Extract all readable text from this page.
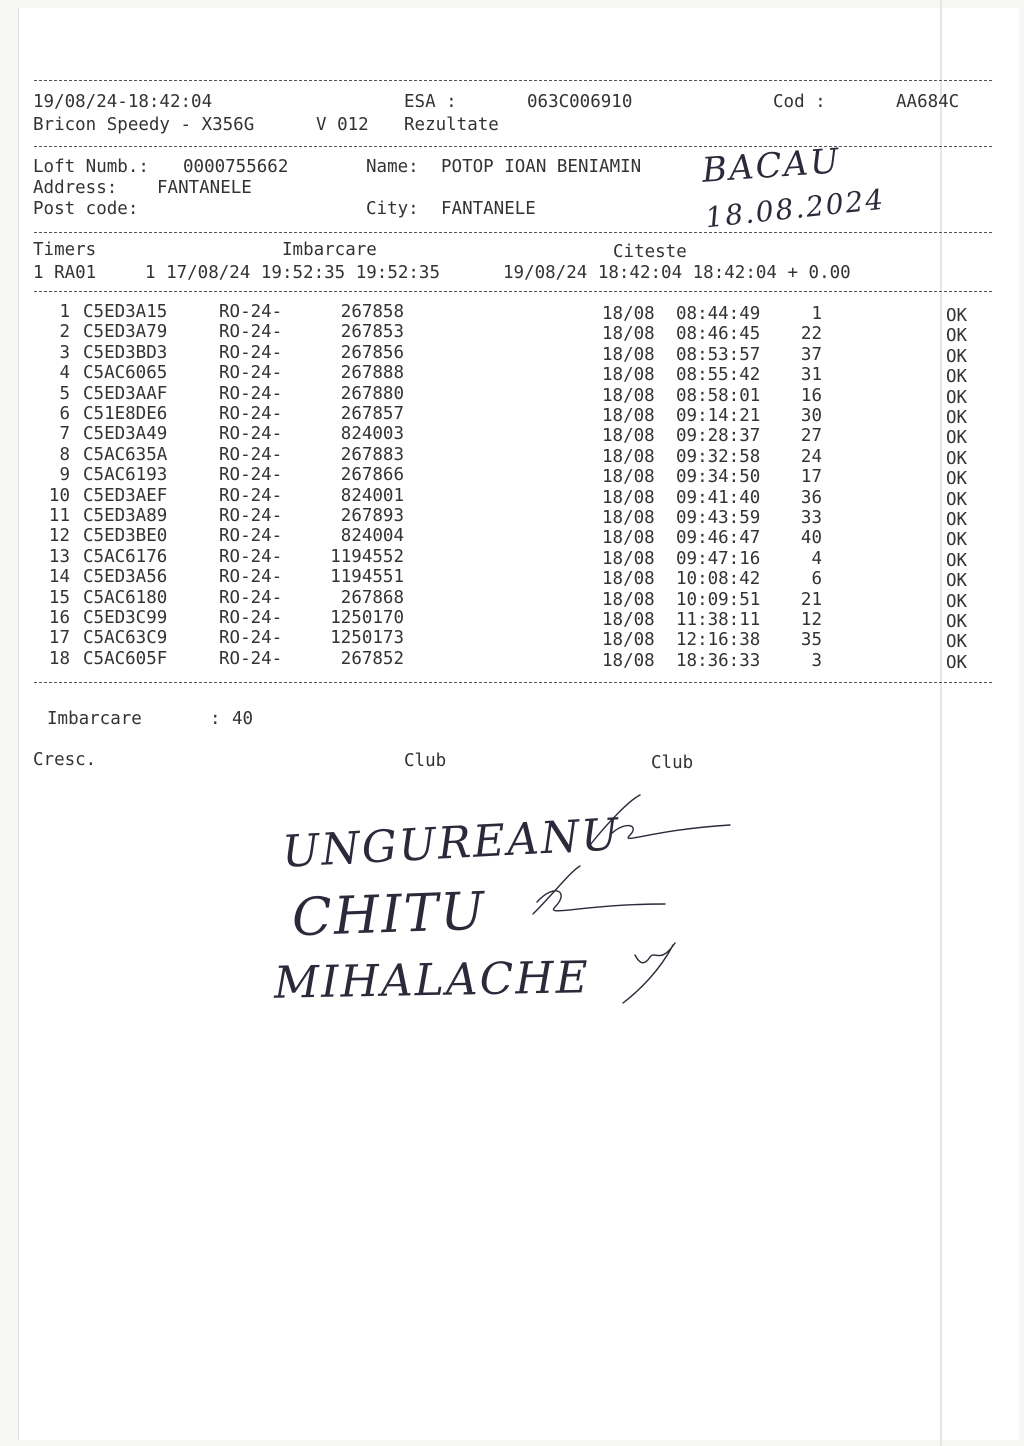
19/08/24-18:42:04	ESA :	063C006910	Cod :	AA684C
Bricon Speedy - X356G	V 012 Rezultate
Loft Numb.: 0000755662	Name: POTOP IOAN BENIAMIN
Address: FANTANELE
Post code:	City: FANTANELE
BACAU
18.08.2024
Timers	Imbarcare	Citeste
1 RA01	1 17/08/24 19:52:35 19:52:35	19/08/24 18:42:04 18:42:04 + 0.00
1 C5ED3A15	RO-24-	267858	18/08 08:44:49	1	OK
2 C5ED3A79	RO-24-	267853	18/08 08:46:45 22	OK
3 C5ED3BD3	RO-24-	267856	18/08 08:53:57 37	OK
4 C5AC6065	RO-24-	267888	18/08 08:55:42 31	OK
5 C5ED3AAF	RO-24-	267880	18/08 08:58:01 16	OK
6 C51E8DE6	RO-24-	267857	18/08 09:14:21 30	OK
7 C5ED3A49	RO-24-	824003	18/08 09:28:37 27	OK
8 C5AC635A	RO-24-	267883	18/08 09:32:58 24	OK
9 C5AC6193	RO-24-	267866	18/08 09:34:50 17	OK
10 C5ED3AEF	RO-24-	824001	18/08 09:41:40 36	OK
11 C5ED3A89	RO-24-	267893	18/08 09:43:59 33	OK
12 C5ED3BE0	RO-24-	824004	18/08 09:46:47 40	OK
13 C5AC6176	RO-24-	1194552	18/08 09:47:16	4	OK
14 C5ED3A56	RO-24-	1194551	18/08 10:08:42	6	OK
15 C5AC6180	RO-24-	267868	18/08 10:09:51 21	OK
16 C5ED3C99	RO-24-	1250170	18/08 11:38:11 12	OK
17 C5AC63C9	RO-24-	1250173	18/08 12:16:38 35	OK
18 C5AC605F	RO-24-	267852	18/08 18:36:33	3	OK
Imbarcare	: 40
Cresc.	Club	Club
UNGUREANU
CHITU
MIHALACHE
